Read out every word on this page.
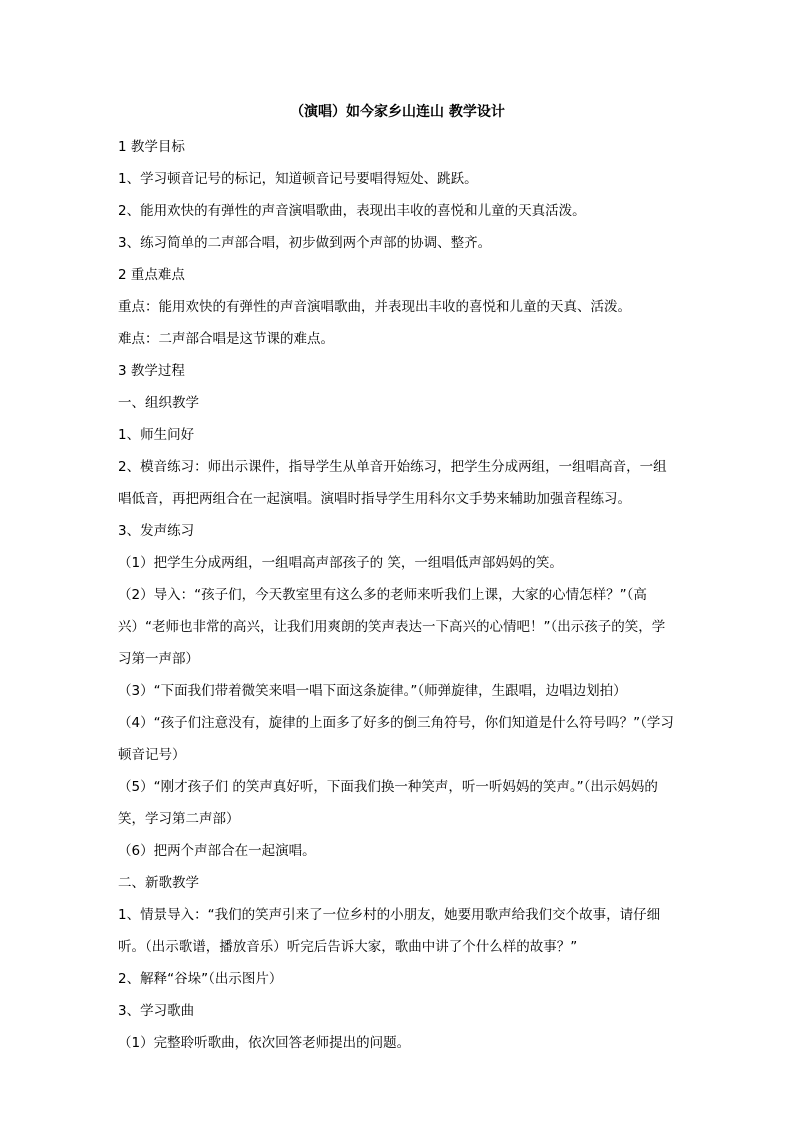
（演唱）如今家乡山连山 教学设计

1 教学目标

1、学习顿音记号的标记，知道顿音记号要唱得短处、跳跃。

2、能用欢快的有弹性的声音演唱歌曲，表现出丰收的喜悦和儿童的天真活泼。

3、练习简单的二声部合唱，初步做到两个声部的协调、整齐。

2 重点难点

重点：能用欢快的有弹性的声音演唱歌曲，并表现出丰收的喜悦和儿童的天真、活泼。

难点：二声部合唱是这节课的难点。

3 教学过程

一、组织教学

1、师生问好

2、模音练习：师出示课件，指导学生从单音开始练习，把学生分成两组，一组唱高音，一组唱低音，再把两组合在一起演唱。演唱时指导学生用科尔文手势来辅助加强音程练习。

3、发声练习

（1）把学生分成两组，一组唱高声部孩子的 笑，一组唱低声部妈妈的笑。

（2）导入：“孩子们，今天教室里有这么多的老师来听我们上课，大家的心情怎样？”（高兴）“老师也非常的高兴，让我们用爽朗的笑声表达一下高兴的心情吧！”（出示孩子的笑，学习第一声部）

（3）“下面我们带着微笑来唱一唱下面这条旋律。”（师弹旋律，生跟唱，边唱边划拍）

（4）“孩子们注意没有，旋律的上面多了好多的倒三角符号，你们知道是什么符号吗？”（学习顿音记号）

（5）“刚才孩子们 的笑声真好听，下面我们换一种笑声，听一听妈妈的笑声。”（出示妈妈的笑，学习第二声部）

（6）把两个声部合在一起演唱。

二、新歌教学

1、情景导入：“我们的笑声引来了一位乡村的小朋友，她要用歌声给我们交个故事，请仔细听。（出示歌谱，播放音乐）听完后告诉大家，歌曲中讲了个什么样的故事？”

2、解释“谷垛”（出示图片）

3、学习歌曲

（1）完整聆听歌曲，依次回答老师提出的问题。
